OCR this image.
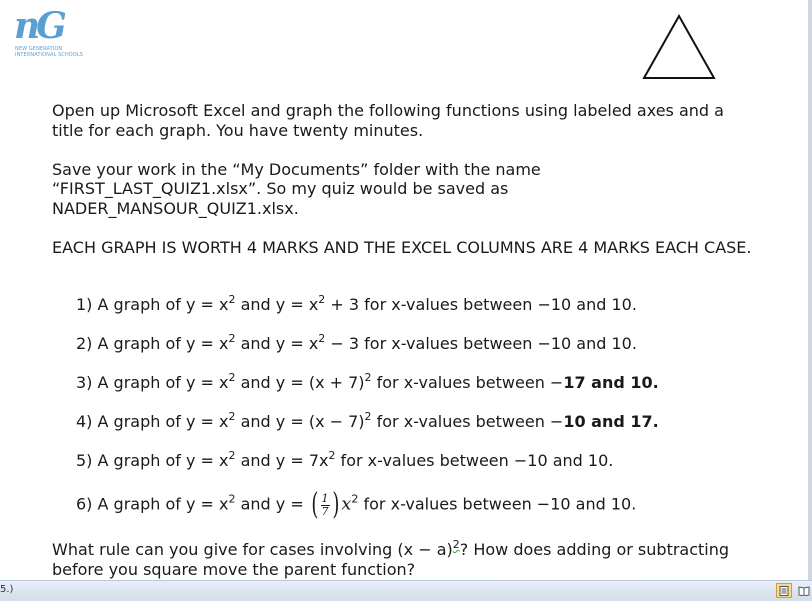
nG
NEW GENERATION
INTERNATIONAL SCHOOLS

Open up Microsoft Excel and graph the following functions using labeled axes and a title for each graph. You have twenty minutes.

Save your work in the “My Documents” folder with the name “FIRST_LAST_QUIZ1.xlsx”. So my quiz would be saved as NADER_MANSOUR_QUIZ1.xlsx.

EACH GRAPH IS WORTH 4 MARKS AND THE EXCEL COLUMNS ARE 4 MARKS EACH CASE.

1) A graph of $y = x^2$ and $y = x^2 + 3$ for x-values between −10 and 10.
2) A graph of $y = x^2$ and $y = x^2 - 3$ for x-values between −10 and 10.
3) A graph of $y = x^2$ and $y = (x + 7)^2$ for x-values between −17 and 10.
4) A graph of $y = x^2$ and $y = (x - 7)^2$ for x-values between −10 and 17.
5) A graph of $y = x^2$ and $y = 7x^2$ for x-values between −10 and 10.
6) A graph of $y = x^2$ and y = ( $\frac{1}{7}$ ) $x^2$ for x-values between −10 and 10.
What rule can you give for cases involving $(x - a)^2$? How does adding or subtracting before you square move the parent function?
5.)
